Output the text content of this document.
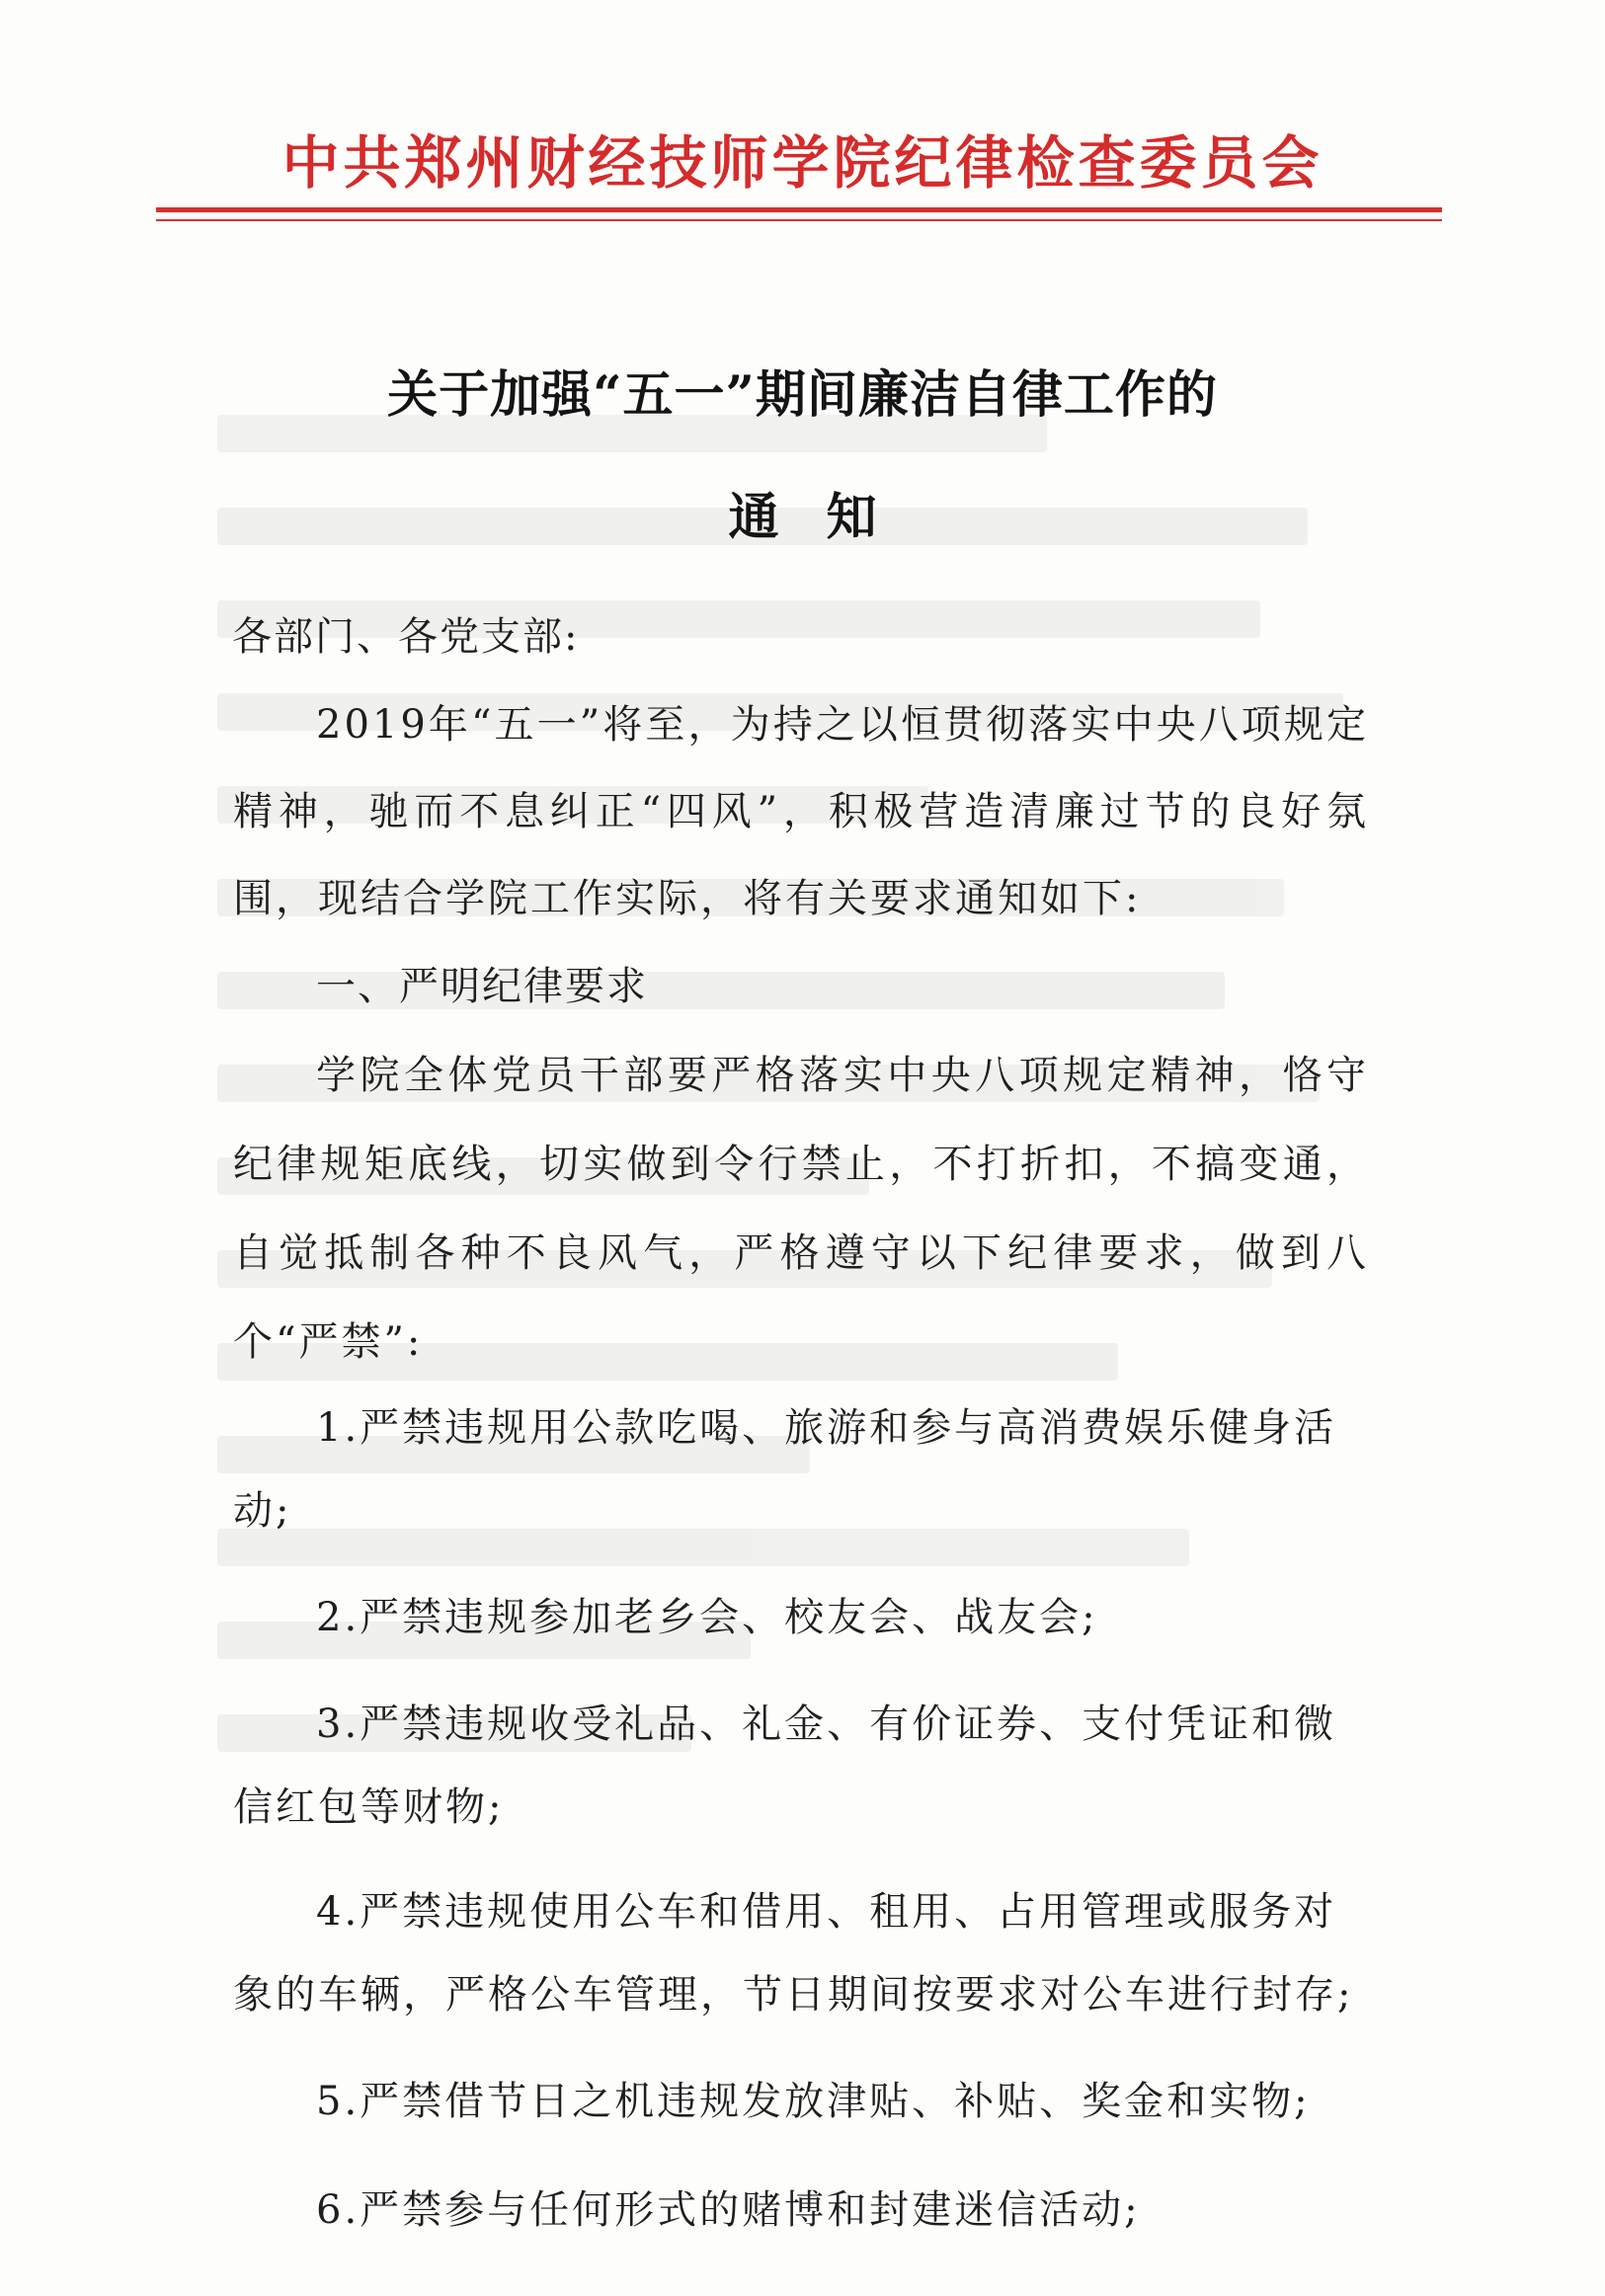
中共郑州财经技师学院纪律检查委员会
关于加强“五一”期间廉洁自律工作的
通知
各部门、各党支部:
2019年“五一”将至，为持之以恒贯彻落实中央八项规定精神，驰而不息纠正“四风”，积极营造清廉过节的良好氛围，现结合学院工作实际，将有关要求通知如下:
一、严明纪律要求
学院全体党员干部要严格落实中央八项规定精神，恪守纪律规矩底线，切实做到令行禁止，不打折扣，不搞变通，自觉抵制各种不良风气，严格遵守以下纪律要求，做到八个“严禁”:
1.严禁违规用公款吃喝、旅游和参与高消费娱乐健身活动;
2.严禁违规参加老乡会、校友会、战友会;
3.严禁违规收受礼品、礼金、有价证券、支付凭证和微信红包等财物;
4.严禁违规使用公车和借用、租用、占用管理或服务对象的车辆，严格公车管理，节日期间按要求对公车进行封存;
5.严禁借节日之机违规发放津贴、补贴、奖金和实物;
6.严禁参与任何形式的赌博和封建迷信活动;
